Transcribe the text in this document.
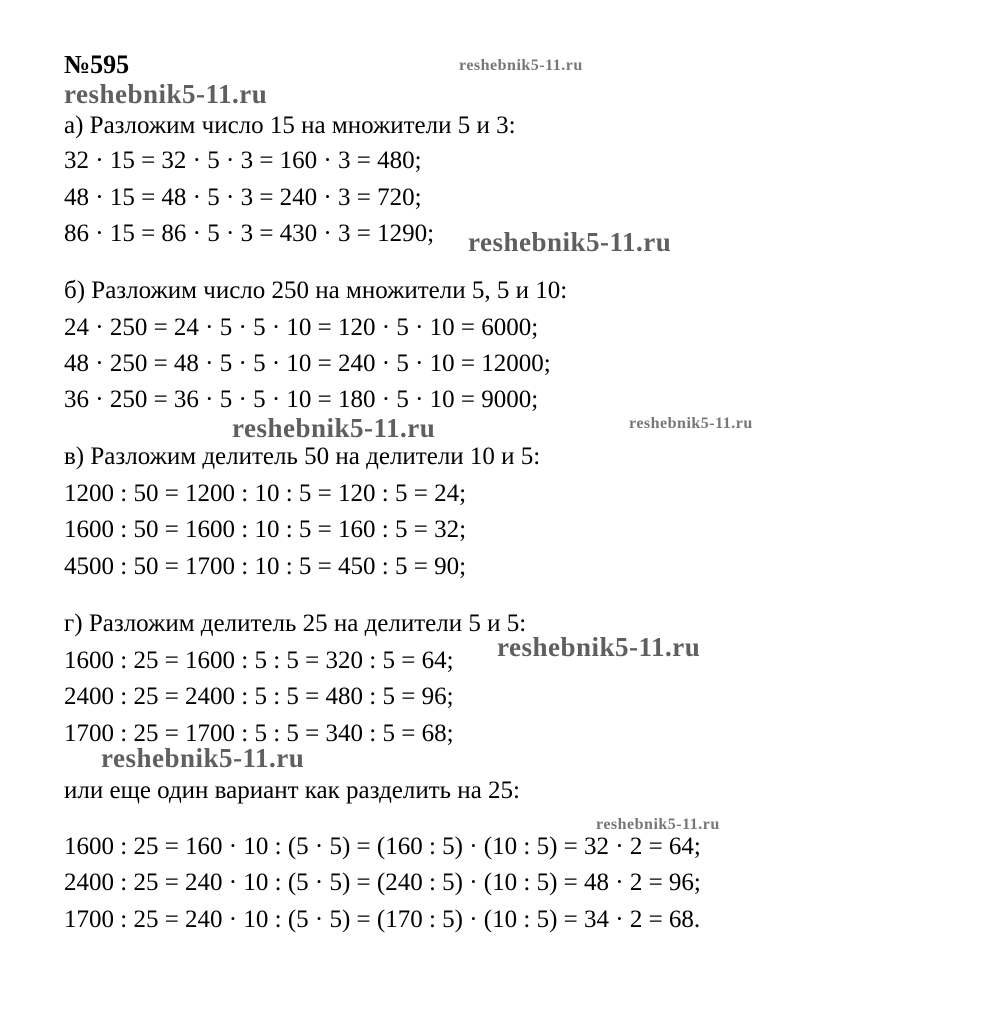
№595
а) Разложим число 15 на множители 5 и 3:
32 · 15 = 32 · 5 · 3 = 160 · 3 = 480;
48 · 15 = 48 · 5 · 3 = 240 · 3 = 720;
86 · 15 = 86 · 5 · 3 = 430 · 3 = 1290;
б) Разложим число 250 на множители 5, 5 и 10:
24 · 250 = 24 · 5 · 5 · 10 = 120 · 5 · 10 = 6000;
48 · 250 = 48 · 5 · 5 · 10 = 240 · 5 · 10 = 12000;
36 · 250 = 36 · 5 · 5 · 10 = 180 · 5 · 10 = 9000;
в) Разложим делитель 50 на делители 10 и 5:
1200 : 50 = 1200 : 10 : 5 = 120 : 5 = 24;
1600 : 50 = 1600 : 10 : 5 = 160 : 5 = 32;
4500 : 50 = 1700 : 10 : 5 = 450 : 5 = 90;
г) Разложим делитель 25 на делители 5 и 5:
1600 : 25 = 1600 : 5 : 5 = 320 : 5 = 64;
2400 : 25 = 2400 : 5 : 5 = 480 : 5 = 96;
1700 : 25 = 1700 : 5 : 5 = 340 : 5 = 68;
или еще один вариант как разделить на 25:
1600 : 25 = 160 · 10 : (5 · 5) = (160 : 5) · (10 : 5) = 32 · 2 = 64;
2400 : 25 = 240 · 10 : (5 · 5) = (240 : 5) · (10 : 5) = 48 · 2 = 96;
1700 : 25 = 240 · 10 : (5 · 5) = (170 : 5) · (10 : 5) = 34 · 2 = 68.
reshebnik5-11.ru
reshebnik5-11.ru
reshebnik5-11.ru
reshebnik5-11.ru
reshebnik5-11.ru
reshebnik5-11.ru
reshebnik5-11.ru
reshebnik5-11.ru
